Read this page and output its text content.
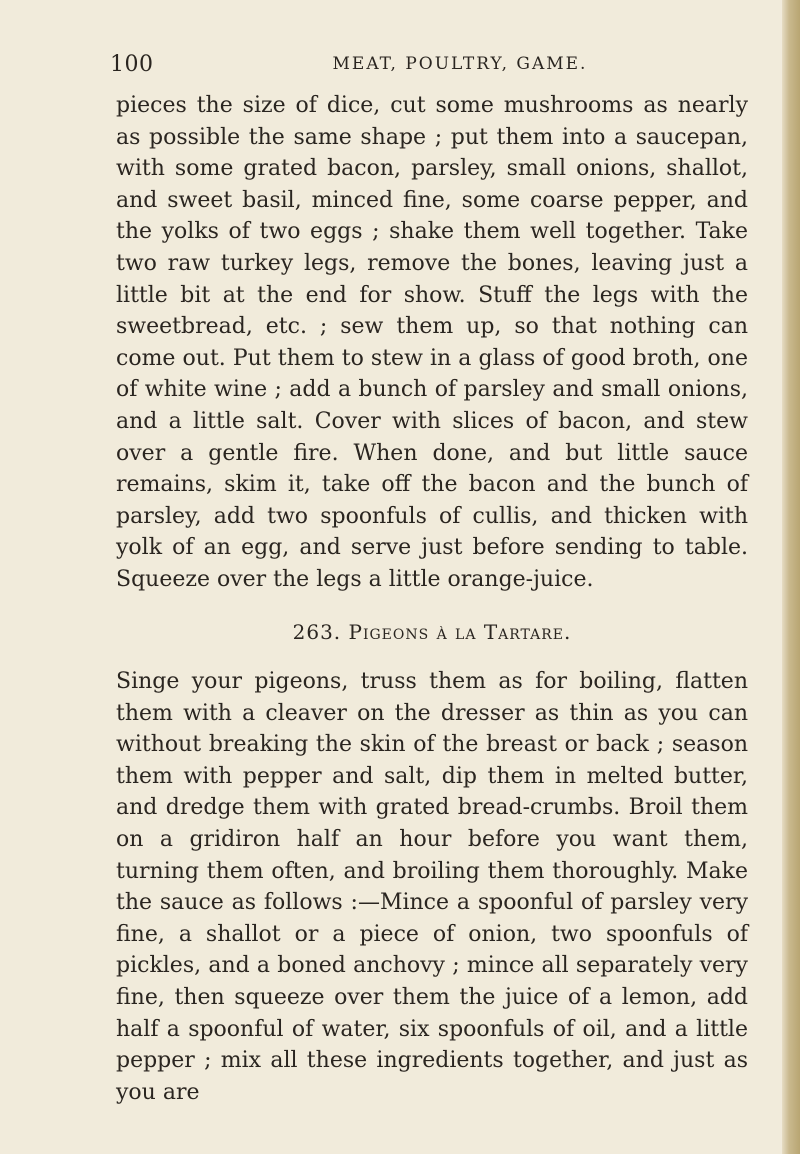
100	MEAT, POULTRY, GAME.

pieces the size of dice, cut some mushrooms as nearly as possible the same shape ; put them into a saucepan, with some grated bacon, parsley, small onions, shallot, and sweet basil, minced fine, some coarse pepper, and the yolks of two eggs ; shake them well together. Take two raw turkey legs, remove the bones, leaving just a little bit at the end for show. Stuff the legs with the sweetbread, etc. ; sew them up, so that nothing can come out. Put them to stew in a glass of good broth, one of white wine ; add a bunch of parsley and small onions, and a little salt. Cover with slices of bacon, and stew over a gentle fire. When done, and but little sauce remains, skim it, take off the bacon and the bunch of parsley, add two spoonfuls of cullis, and thicken with yolk of an egg, and serve just before sending to table. Squeeze over the legs a little orange-juice.

263. Pigeons à la Tartare.

Singe your pigeons, truss them as for boiling, flatten them with a cleaver on the dresser as thin as you can without breaking the skin of the breast or back ; season them with pepper and salt, dip them in melted butter, and dredge them with grated bread-crumbs. Broil them on a gridiron half an hour before you want them, turning them often, and broiling them thoroughly. Make the sauce as follows :—Mince a spoonful of parsley very fine, a shallot or a piece of onion, two spoonfuls of pickles, and a boned anchovy ; mince all separately very fine, then squeeze over them the juice of a lemon, add half a spoonful of water, six spoonfuls of oil, and a little pepper ; mix all these ingredients together, and just as you are
